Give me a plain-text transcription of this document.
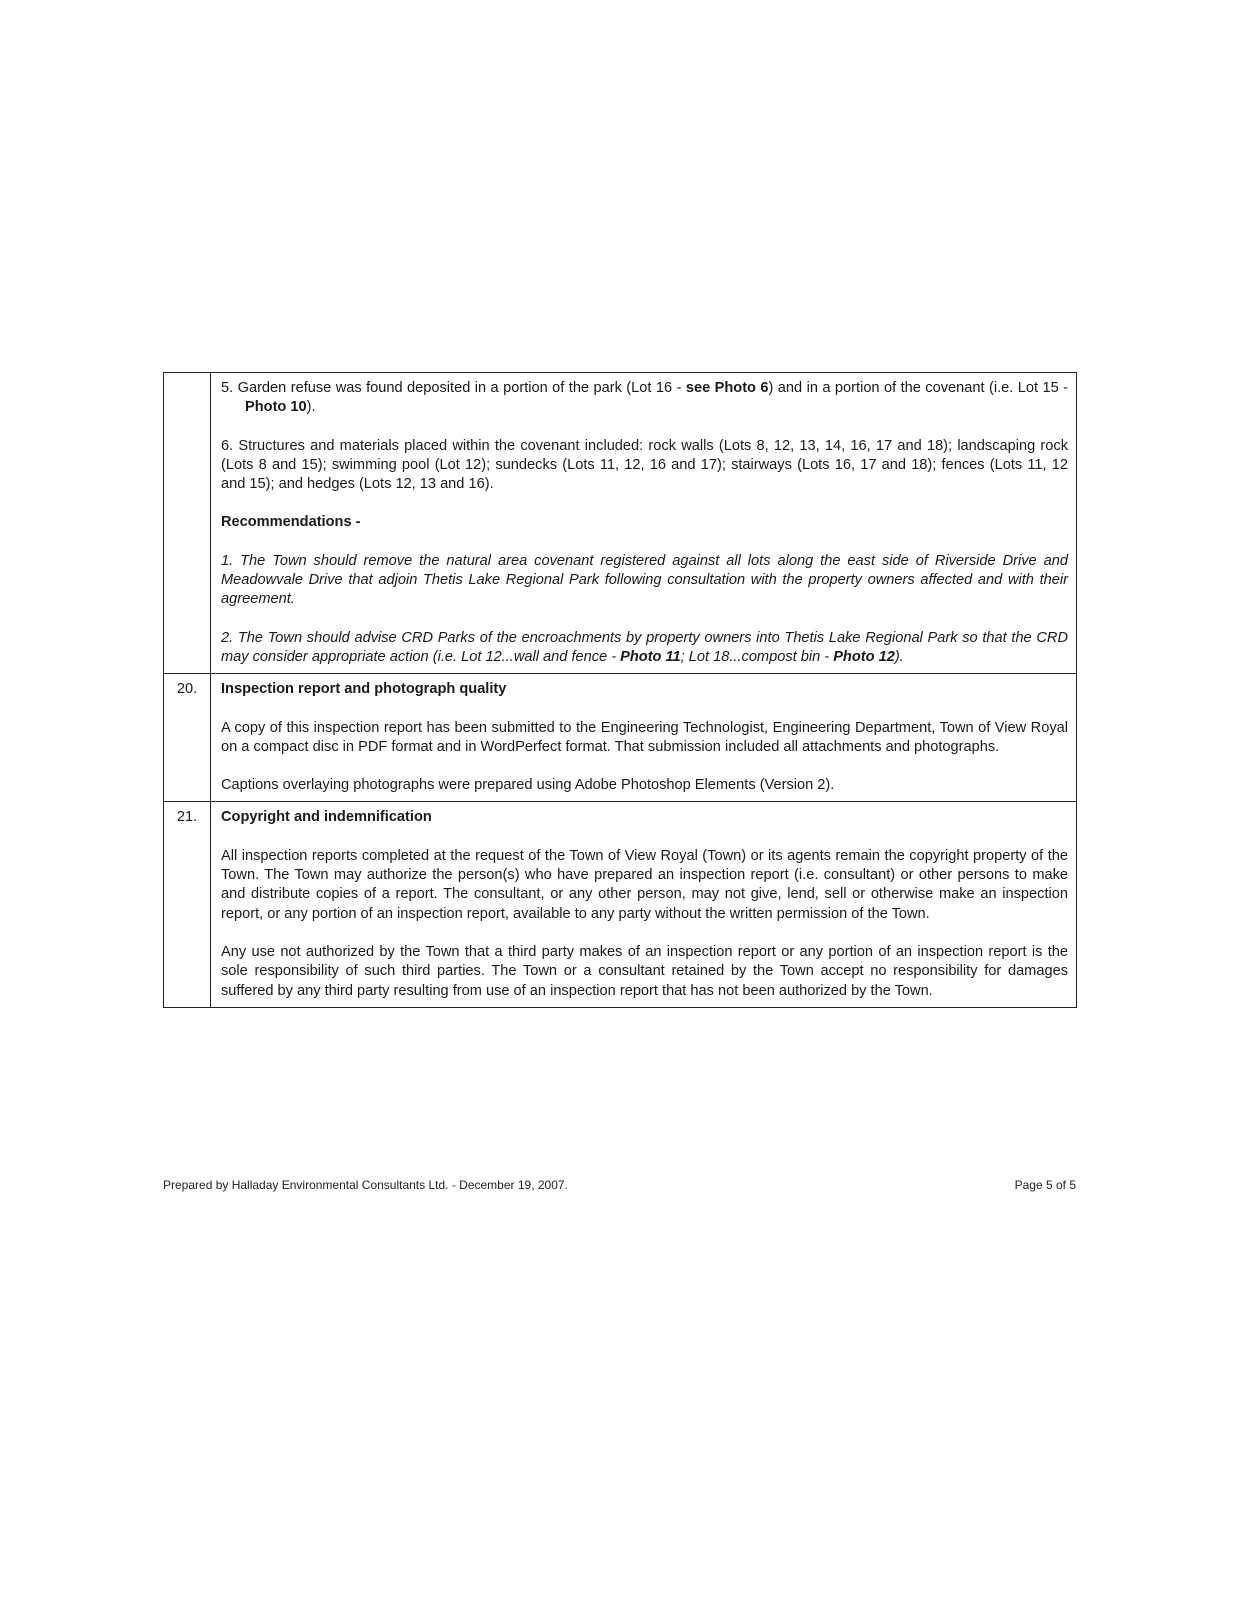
	5. Garden refuse was found deposited in a portion of the park (Lot 16 - see Photo 6) and in a portion of the covenant (i.e. Lot 15 - Photo 10).

6. Structures and materials placed within the covenant included: rock walls (Lots 8, 12, 13, 14, 16, 17 and 18); landscaping rock (Lots 8 and 15); swimming pool (Lot 12); sundecks (Lots 11, 12, 16 and 17); stairways (Lots 16, 17 and 18); fences (Lots 11, 12 and 15); and hedges (Lots 12, 13 and 16).

Recommendations -

1. The Town should remove the natural area covenant registered against all lots along the east side of Riverside Drive and Meadowvale Drive that adjoin Thetis Lake Regional Park following consultation with the property owners affected and with their agreement.

2. The Town should advise CRD Parks of the encroachments by property owners into Thetis Lake Regional Park so that the CRD may consider appropriate action (i.e. Lot 12...wall and fence - Photo 11; Lot 18...compost bin - Photo 12).

20.	Inspection report and photograph quality

A copy of this inspection report has been submitted to the Engineering Technologist, Engineering Department, Town of View Royal on a compact disc in PDF format and in WordPerfect format. That submission included all attachments and photographs.

Captions overlaying photographs were prepared using Adobe Photoshop Elements (Version 2).

21.	Copyright and indemnification

All inspection reports completed at the request of the Town of View Royal (Town) or its agents remain the copyright property of the Town. The Town may authorize the person(s) who have prepared an inspection report (i.e. consultant) or other persons to make and distribute copies of a report. The consultant, or any other person, may not give, lend, sell or otherwise make an inspection report, or any portion of an inspection report, available to any party without the written permission of the Town.

Any use not authorized by the Town that a third party makes of an inspection report or any portion of an inspection report is the sole responsibility of such third parties. The Town or a consultant retained by the Town accept no responsibility for damages suffered by any third party resulting from use of an inspection report that has not been authorized by the Town.

Prepared by Halladay Environmental Consultants Ltd. - December 19, 2007.	Page 5 of 5
